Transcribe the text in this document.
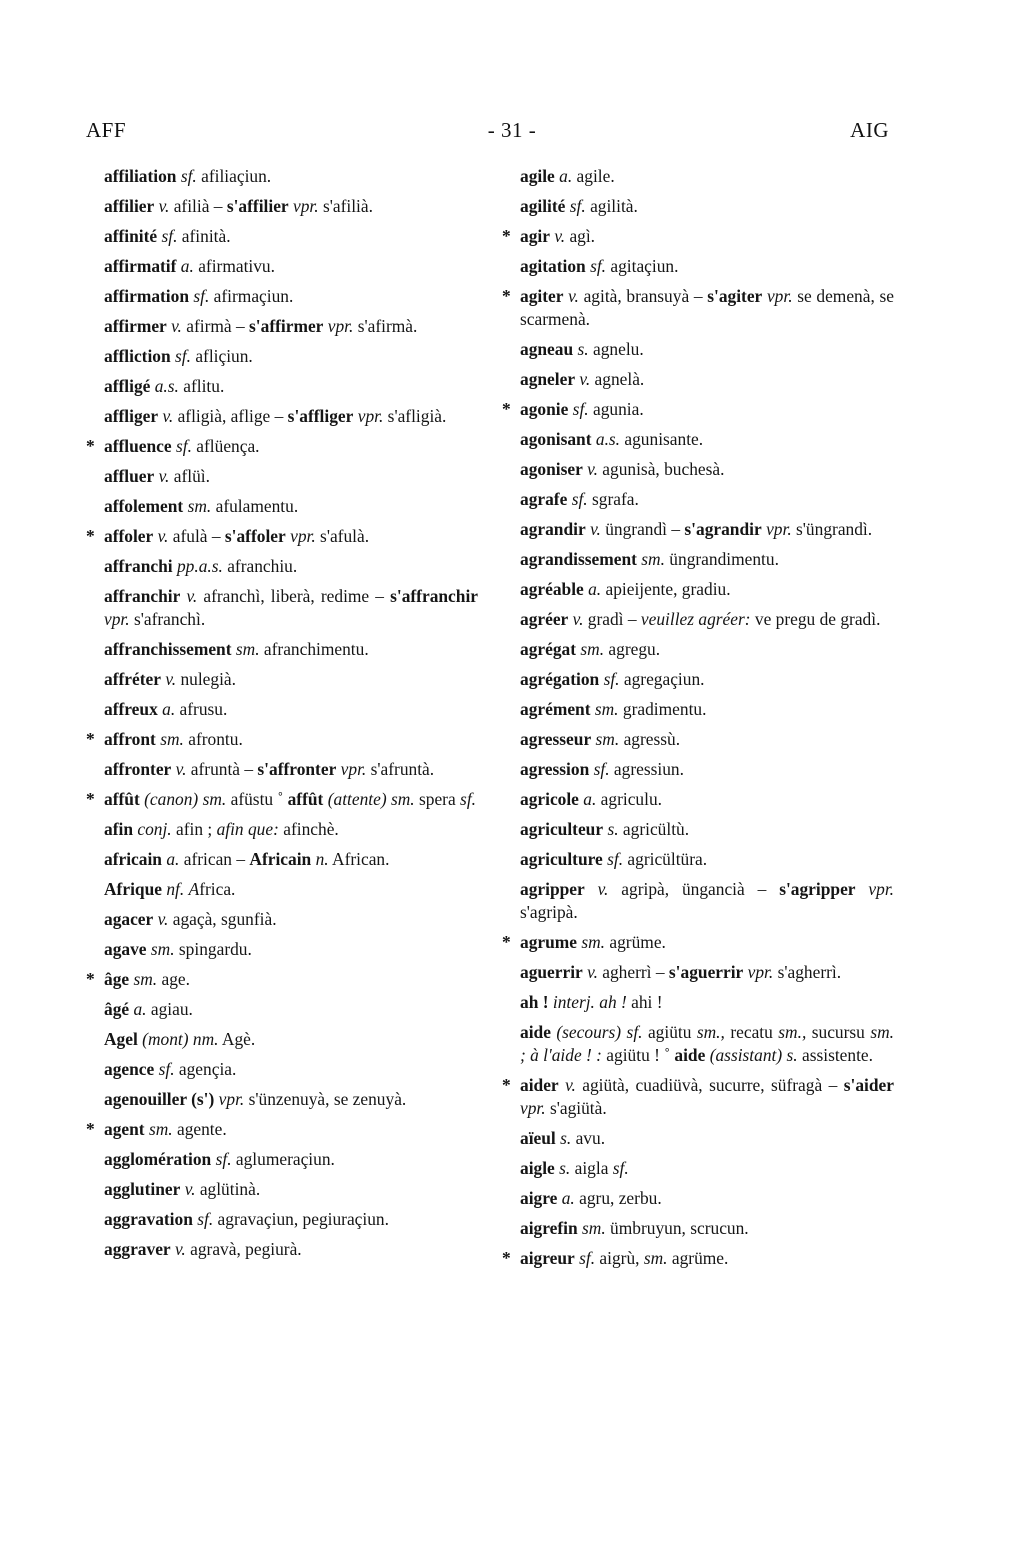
AFF	- 31 -	AIG
affiliation sf. afiliaçiun.
affilier v. afilià – s'affilier vpr. s'afilià.
affinité sf. afinità.
affirmatif a. afirmativu.
affirmation sf. afirmaçiun.
affirmer v. afirmà – s'affirmer vpr. s'afirmà.
affliction sf. afliçiun.
affligé a.s. aflitu.
affliger v. afligià, aflige – s'affliger vpr. s'afligià.
* affluence sf. aflüença.
affluer v. aflüì.
affolement sm. afulamentu.
* affoler v. afulà – s'affoler vpr. s'afulà.
affranchi pp.a.s. afranchiu.
affranchir v. afranchì, liberà, redime – s'affranchir vpr. s'afranchì.
affranchissement sm. afranchimentu.
affréter v. nulegià.
affreux a. afrusu.
* affront sm. afrontu.
affronter v. afruntà – s'affronter vpr. s'afruntà.
* affût (canon) sm. afüstu ˚ affût (attente) sm. spera sf.
afin conj. afin ; afin que: afinchè.
africain a. african – Africain n. African.
Afrique nf. Africa.
agacer v. agaçà, sgunfià.
agave sm. spingardu.
* âge sm. age.
âgé a. agiau.
Agel (mont) nm. Agè.
agence sf. agençia.
agenouiller (s') vpr. s'ünzenuyà, se zenuyà.
* agent sm. agente.
agglomération sf. aglumeraçiun.
agglutiner v. aglütinà.
aggravation sf. agravaçiun, pegiuraçiun.
aggraver v. agravà, pegiurà.
agile a. agile.
agilité sf. agilità.
* agir v. agì.
agitation sf. agitaçiun.
* agiter v. agità, bransuyà – s'agiter vpr. se demenà, se scarmenà.
agneau s. agnelu.
agneler v. agnelà.
* agonie sf. agunia.
agonisant a.s. agunisante.
agoniser v. agunisà, buchesà.
agrafe sf. sgrafa.
agrandir v. üngrandì – s'agrandir vpr. s'üngrandì.
agrandissement sm. üngrandimentu.
agréable a. apieijente, gradiu.
agréer v. gradì – veuillez agréer: ve pregu de gradì.
agrégat sm. agregu.
agrégation sf. agregaçiun.
agrément sm. gradimentu.
agresseur sm. agressù.
agression sf. agressiun.
agricole a. agriculu.
agriculteur s. agricültù.
agriculture sf. agricültüra.
agripper v. agripà, üngancià – s'agripper vpr. s'agripà.
* agrume sm. agrüme.
aguerrir v. agherrì – s'aguerrir vpr. s'agherrì.
ah ! interj. ah ! ahi !
aide (secours) sf. agiütu sm., recatu sm., sucursu sm. ; à l'aide ! : agiütu ! ˚ aide (assistant) s. assistente.
* aider v. agiütà, cuadiüvà, sucurre, süfragà – s'aider vpr. s'agiütà.
aïeul s. avu.
aigle s. aigla sf.
aigre a. agru, zerbu.
aigrefin sm. ümbruyun, scrucun.
* aigreur sf. aigrù, sm. agrüme.
